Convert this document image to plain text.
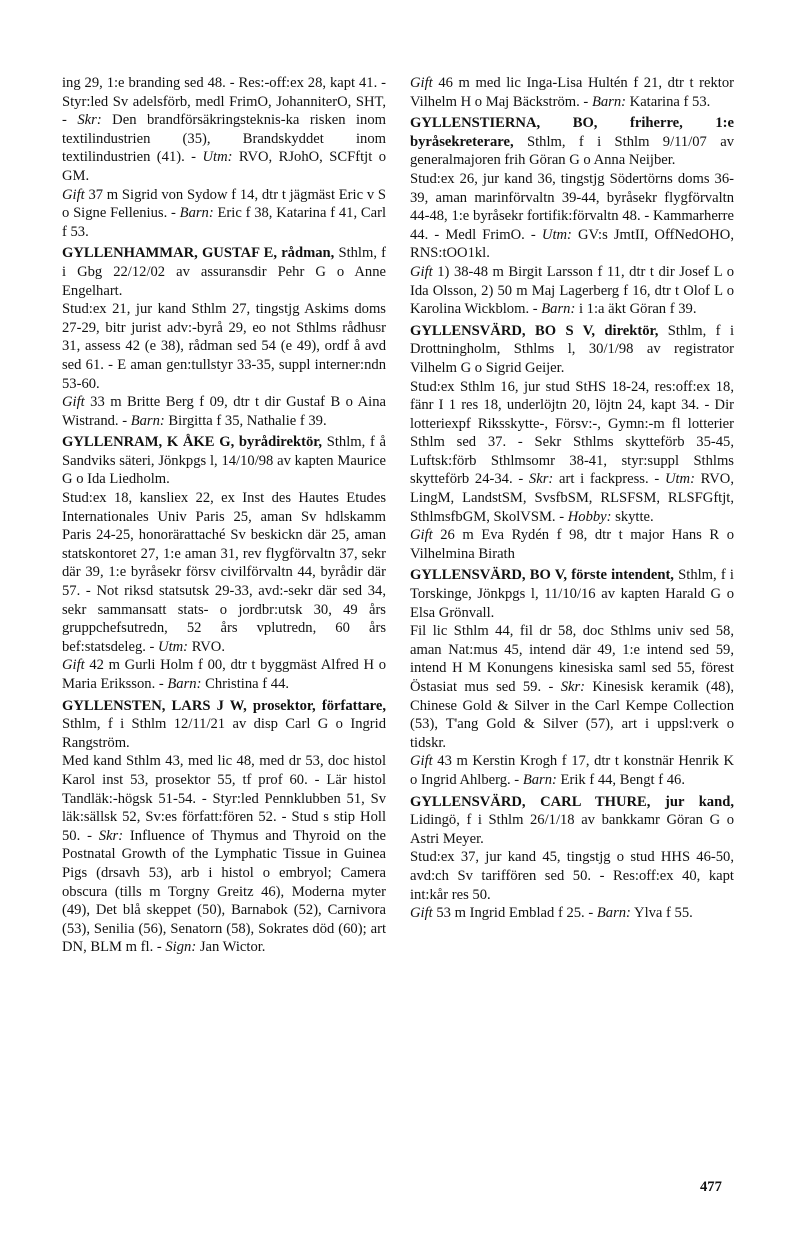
ing 29, 1:e branding sed 48. - Res:-off:ex 28, kapt 41. - Styr:led Sv adelsförb, medl FrimO, JohanniterO, SHT, - Skr: Den brandförsäkringsteknis-ka risken inom textilindustrien (35), Brandskyddet inom textilindustrien (41). - Utm: RVO, RJohO, SCFftjt o GM.

Gift 37 m Sigrid von Sydow f 14, dtr t jägmäst Eric v S o Signe Fellenius. - Barn: Eric f 38, Katarina f 41, Carl f 53.

GYLLENHAMMAR, GUSTAF E, rådman, Sthlm, f i Gbg 22/12/02 av assuransdir Pehr G o Anne Engelhart.

Stud:ex 21, jur kand Sthlm 27, tingstjg Askims doms 27-29, bitr jurist adv:-byrå 29, eo not Sthlms rådhusr 31, assess 42 (e 38), rådman sed 54 (e 49), ordf å avd sed 61. - E aman gen:tullstyr 33-35, suppl interner:ndn 53-60.

Gift 33 m Britte Berg f 09, dtr t dir Gustaf B o Aina Wistrand. - Barn: Birgitta f 35, Nathalie f 39.

GYLLENRAM, K ÅKE G, byrådirektör, Sthlm, f å Sandviks säteri, Jönkpgs l, 14/10/98 av kapten Maurice G o Ida Liedholm.

Stud:ex 18, kansliex 22, ex Inst des Hautes Etudes Internationales Univ Paris 25, aman Sv hdlskamm Paris 24-25, honorärattaché Sv beskickn där 25, aman statskontoret 27, 1:e aman 31, rev flygförvaltn 37, sekr där 39, 1:e byråsekr försv civilförvaltn 44, byrådir där 57. - Not riksd statsutsk 29-33, avd:-sekr där sed 34, sekr sammansatt stats- o jordbr:utsk 30, 49 års gruppchefsutredn, 52 års vplutredn, 60 års bef:statsdeleg. - Utm: RVO.

Gift 42 m Gurli Holm f 00, dtr t byggmäst Alfred H o Maria Eriksson. - Barn: Christina f 44.

GYLLENSTEN, LARS J W, prosektor, författare, Sthlm, f i Sthlm 12/11/21 av disp Carl G o Ingrid Rangström.

Med kand Sthlm 43, med lic 48, med dr 53, doc histol Karol inst 53, prosektor 55, tf prof 60. - Lär histol Tandläk:-högsk 51-54. - Styr:led Pennklubben 51, Sv läk:sällsk 52, Sv:es författ:fören 52. - Stud s stip Holl 50. - Skr: Influence of Thymus and Thyroid on the Postnatal Growth of the Lymphatic Tissue in Guinea Pigs (drsavh 53), arb i histol o embryol; Camera obscura (tills m Torgny Greitz 46), Moderna myter (49), Det blå skeppet (50), Barnabok (52), Carnivora (53), Senilia (56), Senatorn (58), Sokrates död (60); art DN, BLM m fl. - Sign: Jan Wictor.

Gift 46 m med lic Inga-Lisa Hultén f 21, dtr t rektor Vilhelm H o Maj Bäckström. - Barn: Katarina f 53.

GYLLENSTIERNA, BO, friherre, 1:e byråsekreterare, Sthlm, f i Sthlm 9/11/07 av generalmajoren frih Göran G o Anna Neijber.

Stud:ex 26, jur kand 36, tingstjg Södertörns doms 36-39, aman marinförvaltn 39-44, byråsekr flygförvaltn 44-48, 1:e byråsekr fortifik:förvaltn 48. - Kammarherre 44. - Medl FrimO. - Utm: GV:s JmtII, OffNedOHO, RNS:tOO1kl.

Gift 1) 38-48 m Birgit Larsson f 11, dtr t dir Josef L o Ida Olsson, 2) 50 m Maj Lagerberg f 16, dtr t Olof L o Karolina Wickblom. - Barn: i 1:a äkt Göran f 39.

GYLLENSVÄRD, BO S V, direktör, Sthlm, f i Drottningholm, Sthlms l, 30/1/98 av registrator Vilhelm G o Sigrid Geijer.

Stud:ex Sthlm 16, jur stud StHS 18-24, res:off:ex 18, fänr I 1 res 18, underlöjtn 20, löjtn 24, kapt 34. - Dir lotteriexpf Riksskytte-, Försv:-, Gymn:-m fl lotterier Sthlm sed 37. - Sekr Sthlms skytteförb 35-45, Luftsk:förb Sthlmsomr 38-41, styr:suppl Sthlms skytteförb 24-34. - Skr: art i fackpress. - Utm: RVO, LingM, LandstSM, SvsfbSM, RLSFSM, RLSFGftjt, SthlmsfbGM, SkolVSM. - Hobby: skytte.

Gift 26 m Eva Rydén f 98, dtr t major Hans R o Vilhelmina Birath

GYLLENSVÄRD, BO V, förste intendent, Sthlm, f i Torskinge, Jönkpgs l, 11/10/16 av kapten Harald G o Elsa Grönvall.

Fil lic Sthlm 44, fil dr 58, doc Sthlms univ sed 58, aman Nat:mus 45, intend där 49, 1:e intend sed 59, intend H M Konungens kinesiska saml sed 55, förest Östasiat mus sed 59. - Skr: Kinesisk keramik (48), Chinese Gold & Silver in the Carl Kempe Collection (53), T'ang Gold & Silver (57), art i uppsl:verk o tidskr.

Gift 43 m Kerstin Krogh f 17, dtr t konstnär Henrik K o Ingrid Ahlberg. - Barn: Erik f 44, Bengt f 46.

GYLLENSVÄRD, CARL THURE, jur kand, Lidingö, f i Sthlm 26/1/18 av bankkamr Göran G o Astri Meyer.

Stud:ex 37, jur kand 45, tingstjg o stud HHS 46-50, avd:ch Sv tariffören sed 50. - Res:off:ex 40, kapt int:kår res 50.

Gift 53 m Ingrid Emblad f 25. - Barn: Ylva f 55.

477
